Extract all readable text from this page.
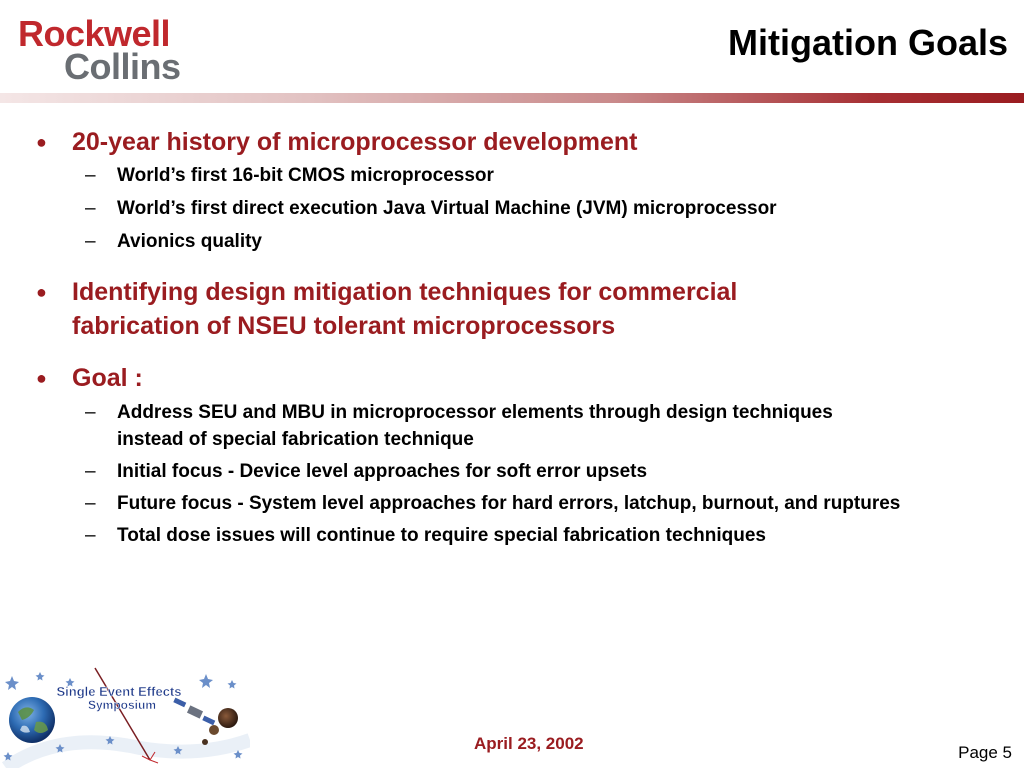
Rockwell
Collins
Mitigation Goals
● 20-year history of microprocessor development
– World’s first 16-bit CMOS microprocessor
– World’s first direct execution Java Virtual Machine (JVM) microprocessor
– Avionics quality
● Identifying design mitigation techniques for commercial fabrication of NSEU tolerant microprocessors
● Goal :
– Address SEU and MBU in microprocessor elements through design techniques instead of special fabrication technique
– Initial focus - Device level approaches for soft error upsets
– Future focus - System level approaches for hard errors, latchup, burnout, and ruptures
– Total dose issues will continue to require special fabrication techniques
Single Event Effects
Symposium
April 23, 2002	Page 5
